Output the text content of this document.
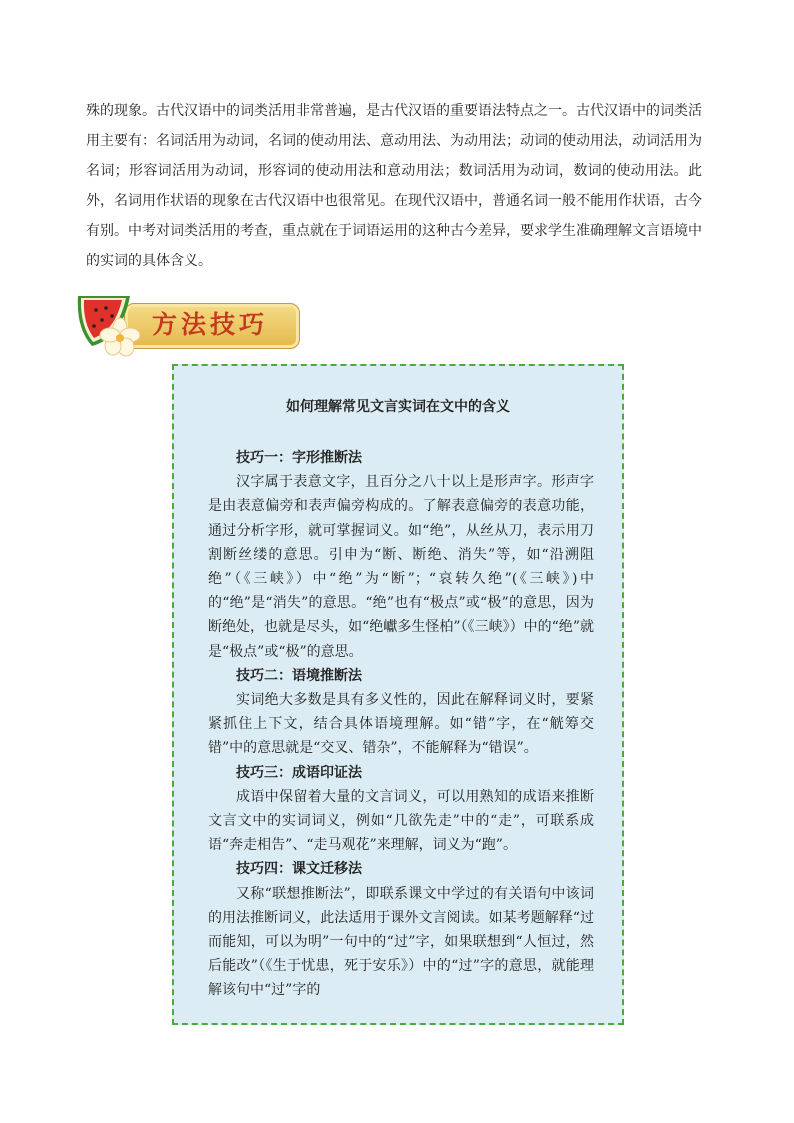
殊的现象。古代汉语中的词类活用非常普遍，是古代汉语的重要语法特点之一。古代汉语中的词类活用主要有：名词活用为动词，名词的使动用法、意动用法、为动用法；动词的使动用法，动词活用为名词；形容词活用为动词，形容词的使动用法和意动用法；数词活用为动词，数词的使动用法。此外，名词用作状语的现象在古代汉语中也很常见。在现代汉语中，普通名词一般不能用作状语，古今有别。中考对词类活用的考查，重点就在于词语运用的这种古今差异，要求学生准确理解文言语境中的实词的具体含义。

方法技巧

如何理解常见文言实词在文中的含义

技巧一：字形推断法

汉字属于表意文字，且百分之八十以上是形声字。形声字是由表意偏旁和表声偏旁构成的。了解表意偏旁的表意功能，通过分析字形，就可掌握词义。如“绝”，从丝从刀，表示用刀割断丝缕的意思。引申为“断、断绝、消失”等，如“沿溯阻绝”（《三峡》）中“绝”为“断”；“哀转久绝”(《三峡》)中的“绝”是“消失”的意思。“绝”也有“极点”或“极”的意思，因为断绝处，也就是尽头，如“绝巘多生怪柏”（《三峡》）中的“绝”就是“极点”或“极”的意思。

技巧二：语境推断法

实词绝大多数是具有多义性的，因此在解释词义时，要紧紧抓住上下文，结合具体语境理解。如“错”字，在“觥筹交错”中的意思就是“交叉、错杂”，不能解释为“错误”。

技巧三：成语印证法

成语中保留着大量的文言词义，可以用熟知的成语来推断文言文中的实词词义，例如“几欲先走”中的“走”，可联系成语“奔走相告”、“走马观花”来理解，词义为“跑”。

技巧四：课文迁移法

又称“联想推断法”，即联系课文中学过的有关语句中该词的用法推断词义，此法适用于课外文言阅读。如某考题解释“过而能知，可以为明”一句中的“过”字，如果联想到“人恒过，然后能改”（《生于忧患，死于安乐》）中的“过”字的意思，就能理解该句中“过”字的
